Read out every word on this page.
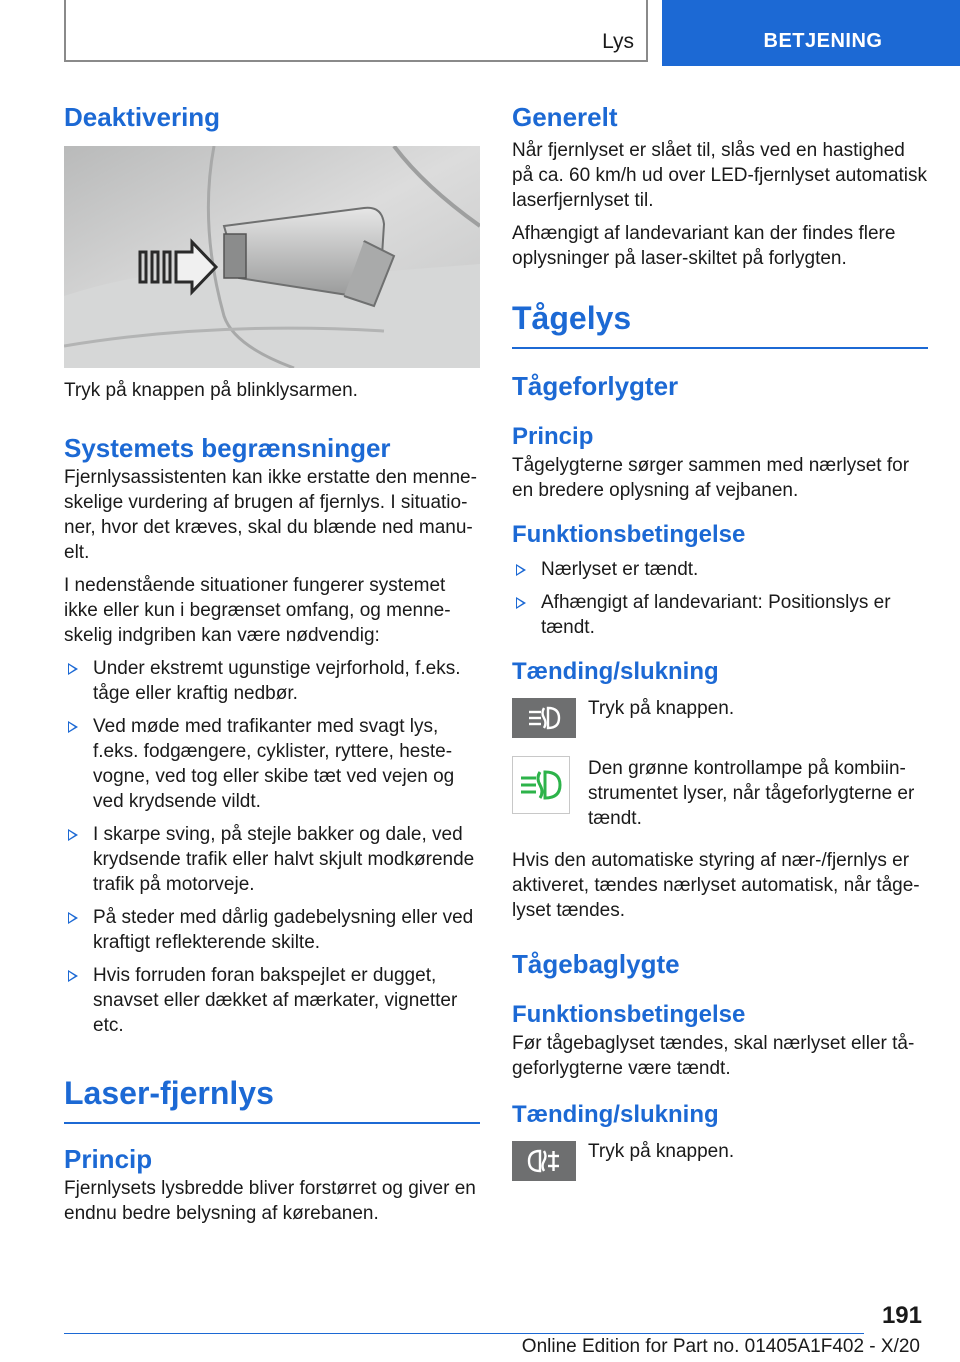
Lys	BETJENING
Deaktivering

Tryk på knappen på blinklysarmen.

Systemets begrænsninger

Fjernlysassistenten kan ikke erstatte den menne-skelige vurdering af brugen af fjernlys. I situatio-ner, hvor det kræves, skal du blænde ned manu-elt.

I nedenstående situationer fungerer systemet ikke eller kun i begrænset omfang, og menne-skelig indgriben kan være nødvendig:

Under ekstremt ugunstige vejrforhold, f.eks. tåge eller kraftig nedbør.
Ved møde med trafikanter med svagt lys, f.eks. fodgængere, cyklister, ryttere, heste-vogne, ved tog eller skibe tæt ved vejen og ved krydsende vildt.
I skarpe sving, på stejle bakker og dale, ved krydsende trafik eller halvt skjult modkørende trafik på motorveje.
På steder med dårlig gadebelysning eller ved kraftigt reflekterende skilte.
Hvis forruden foran bakspejlet er dugget, snavset eller dækket af mærkater, vignetter etc.
Laser-fjernlys
Princip

Fjernlysets lysbredde bliver forstørret og giver en endnu bedre belysning af kørebanen.

Generelt

Når fjernlyset er slået til, slås ved en hastighed på ca. 60 km/h ud over LED-fjernlyset automatisk laserfjernlyset til.

Afhængigt af landevariant kan der findes flere oplysninger på laser-skiltet på forlygten.

Tågelys
Tågeforlygter
Princip

Tågelygterne sørger sammen med nærlyset for en bredere oplysning af vejbanen.

Funktionsbetingelse
Nærlyset er tændt.
Afhængigt af landevariant: Positionslys er tændt.
Tænding/slukning

Tryk på knappen.

Den grønne kontrollampe på kombiin-strumentet lyser, når tågeforlygterne er tændt.

Hvis den automatiske styring af nær-/fjernlys er aktiveret, tændes nærlyset automatisk, når tåge-lyset tændes.

Tågebaglygte
Funktionsbetingelse

Før tågebaglyset tændes, skal nærlyset eller tå-geforlygterne være tændt.

Tænding/slukning

Tryk på knappen.

191
Online Edition for Part no. 01405A1F402 - X/20
